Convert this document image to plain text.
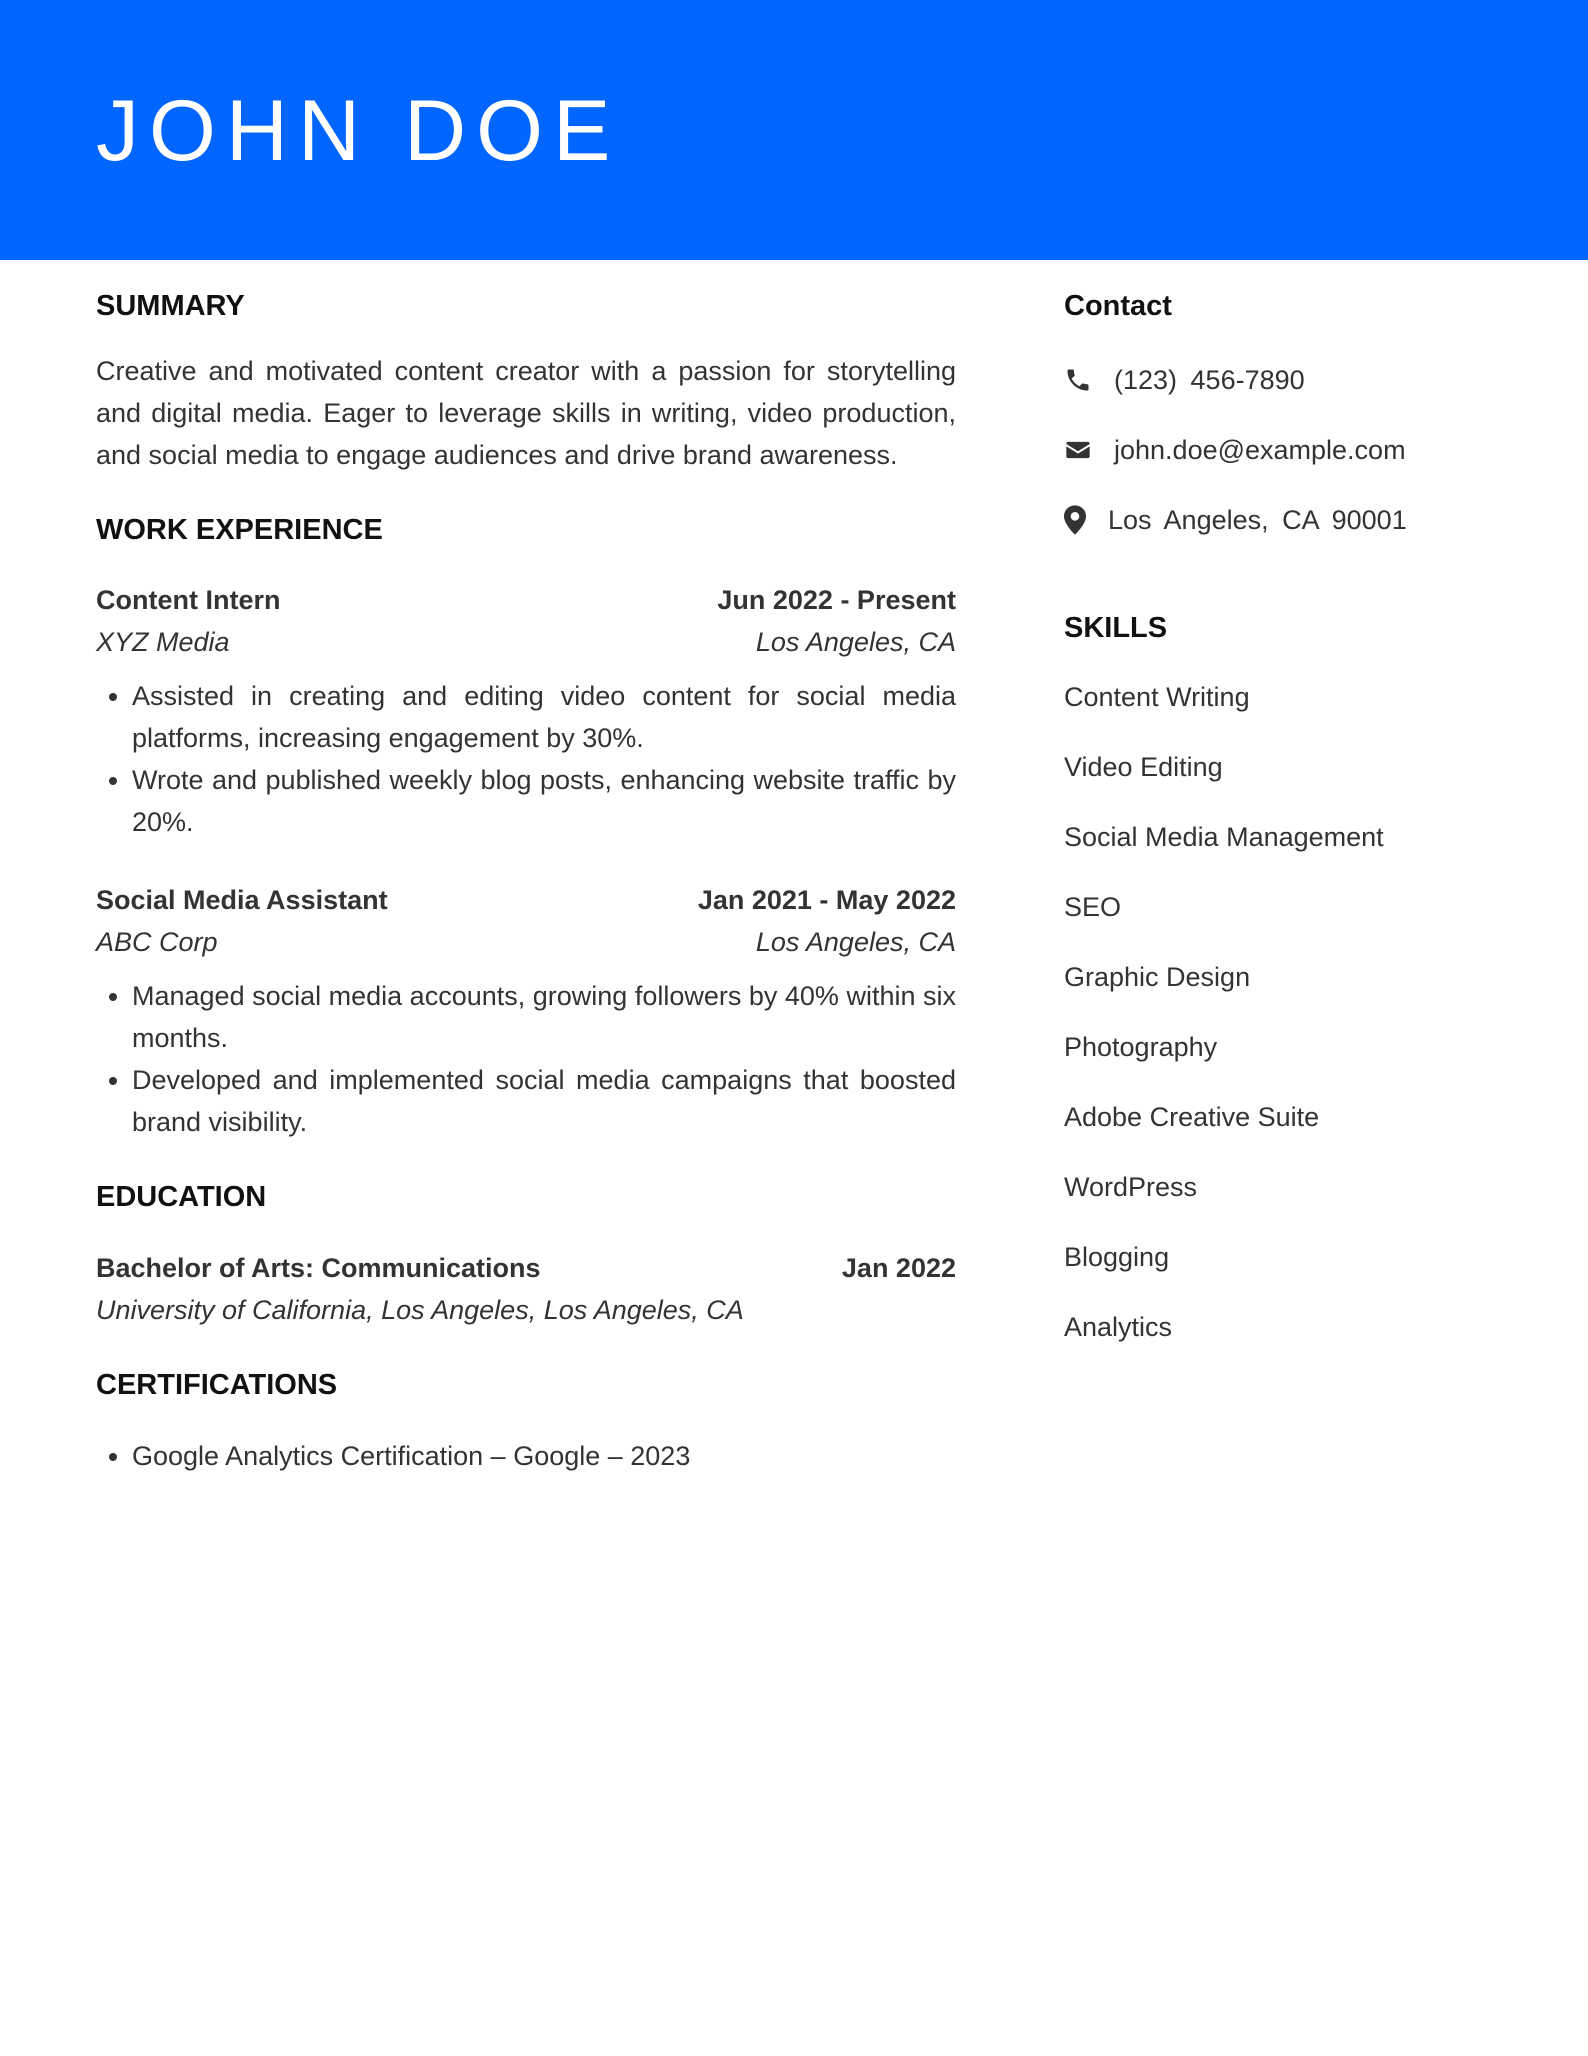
JOHN DOE
SUMMARY

Creative and motivated content creator with a passion for storytelling and digital media. Eager to leverage skills in writing, video production, and social media to engage audiences and drive brand awareness.

WORK EXPERIENCE
Content Intern	Jun 2022 - Present
XYZ Media	Los Angeles, CA
• Assisted in creating and editing video content for social media platforms, increasing engagement by 30%.
• Wrote and published weekly blog posts, enhancing website traffic by 20%.
Social Media Assistant	Jan 2021 - May 2022
ABC Corp	Los Angeles, CA
• Managed social media accounts, growing followers by 40% within six months.
• Developed and implemented social media campaigns that boosted brand visibility.
EDUCATION
Bachelor of Arts: Communications	Jan 2022
University of California, Los Angeles, Los Angeles, CA
CERTIFICATIONS
• Google Analytics Certification – Google – 2023
Contact
(123) 456-7890
john.doe@example.com
Los Angeles, CA 90001
SKILLS
Content Writing
Video Editing
Social Media Management
SEO
Graphic Design
Photography
Adobe Creative Suite
WordPress
Blogging
Analytics
